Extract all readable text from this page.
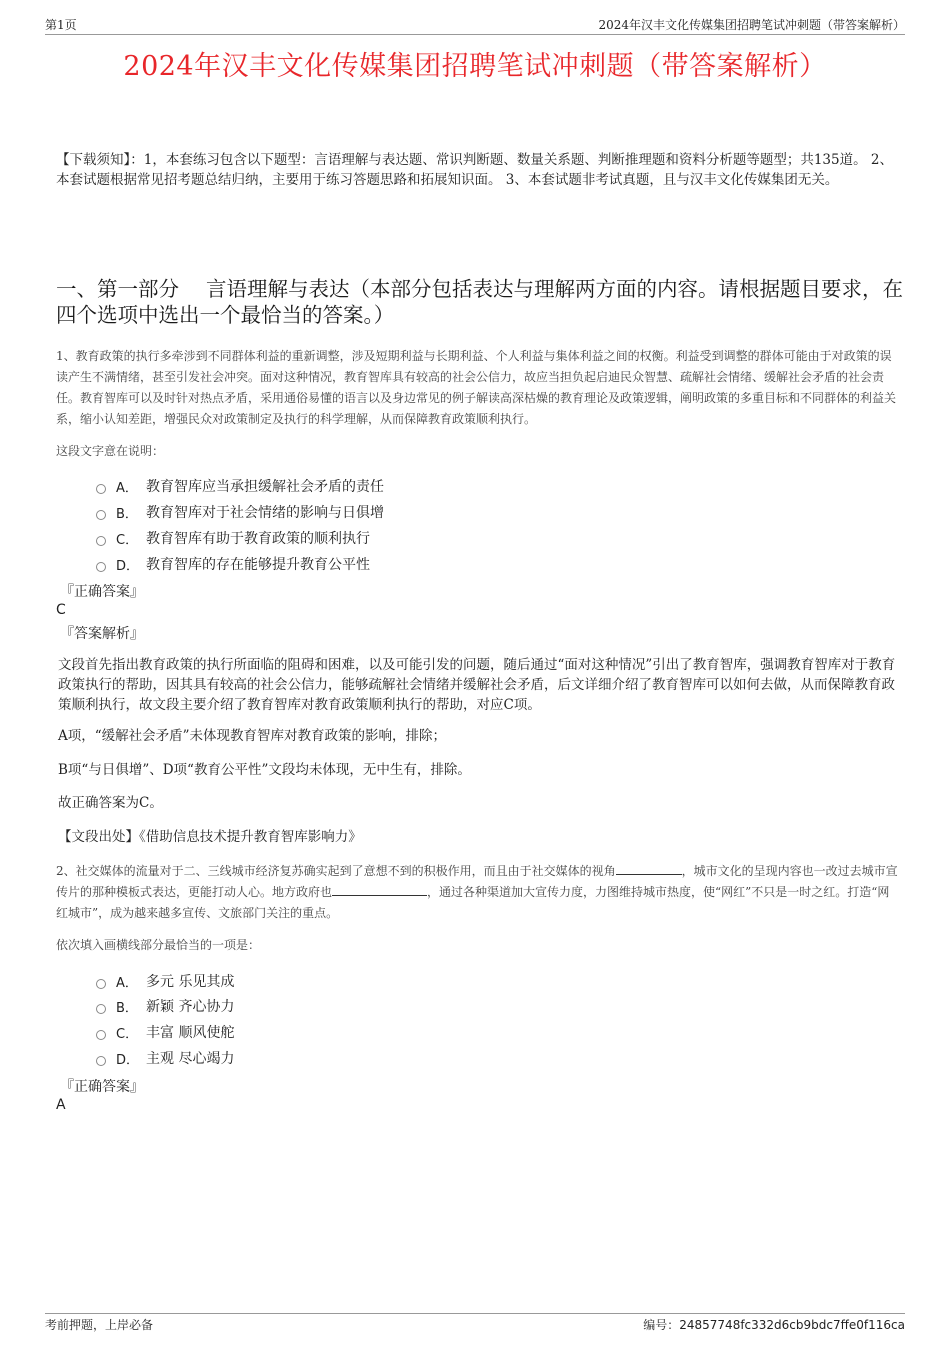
第1页	2024年汉丰文化传媒集团招聘笔试冲刺题（带答案解析）
2024年汉丰文化传媒集团招聘笔试冲刺题（带答案解析）
【下载须知】：1，本套练习包含以下题型：言语理解与表达题、常识判断题、数量关系题、判断推理题和资料分析题等题型；共135道。 2、本套试题根据常见招考题总结归纳，主要用于练习答题思路和拓展知识面。 3、本套试题非考试真题，且与汉丰文化传媒集团无关。
一、第一部分　 言语理解与表达（本部分包括表达与理解两方面的内容。请根据题目要求，在四个选项中选出一个最恰当的答案。）
1、教育政策的执行多牵涉到不同群体利益的重新调整，涉及短期利益与长期利益、个人利益与集体利益之间的权衡。利益受到调整的群体可能由于对政策的误读产生不满情绪，甚至引发社会冲突。面对这种情况，教育智库具有较高的社会公信力，故应当担负起启迪民众智慧、疏解社会情绪、缓解社会矛盾的社会责任。教育智库可以及时针对热点矛盾，采用通俗易懂的语言以及身边常见的例子解读高深枯燥的教育理论及政策逻辑，阐明政策的多重目标和不同群体的利益关系，缩小认知差距，增强民众对政策制定及执行的科学理解，从而保障教育政策顺利执行。
这段文字意在说明：
A． 教育智库应当承担缓解社会矛盾的责任
B． 教育智库对于社会情绪的影响与日俱增
C． 教育智库有助于教育政策的顺利执行
D． 教育智库的存在能够提升教育公平性
『正确答案』
C
『答案解析』
文段首先指出教育政策的执行所面临的阻碍和困难，以及可能引发的问题，随后通过“面对这种情况”引出了教育智库，强调教育智库对于教育政策执行的帮助，因其具有较高的社会公信力，能够疏解社会情绪并缓解社会矛盾，后文详细介绍了教育智库可以如何去做，从而保障教育政策顺利执行，故文段主要介绍了教育智库对教育政策顺利执行的帮助，对应C项。
A项，“缓解社会矛盾”未体现教育智库对教育政策的影响，排除；
B项“与日俱增”、D项“教育公平性”文段均未体现，无中生有，排除。
故正确答案为C。
【文段出处】《借助信息技术提升教育智库影响力》
2、社交媒体的流量对于二、三线城市经济复苏确实起到了意想不到的积极作用，而且由于社交媒体的视角	，城市文化的呈现内容也一改过去城市宣传片的那种模板式表达，更能打动人心。地方政府也	，通过各种渠道加大宣传力度，力图维持城市热度，使“网红”不只是一时之红。打造“网红城市”，成为越来越多宣传、文旅部门关注的重点。
依次填入画横线部分最恰当的一项是：
A． 多元 乐见其成
B． 新颖 齐心协力
C． 丰富 顺风使舵
D． 主观 尽心竭力
『正确答案』
A
考前押题，上岸必备	编号：24857748fc332d6cb9bdc7ffe0f116ca
